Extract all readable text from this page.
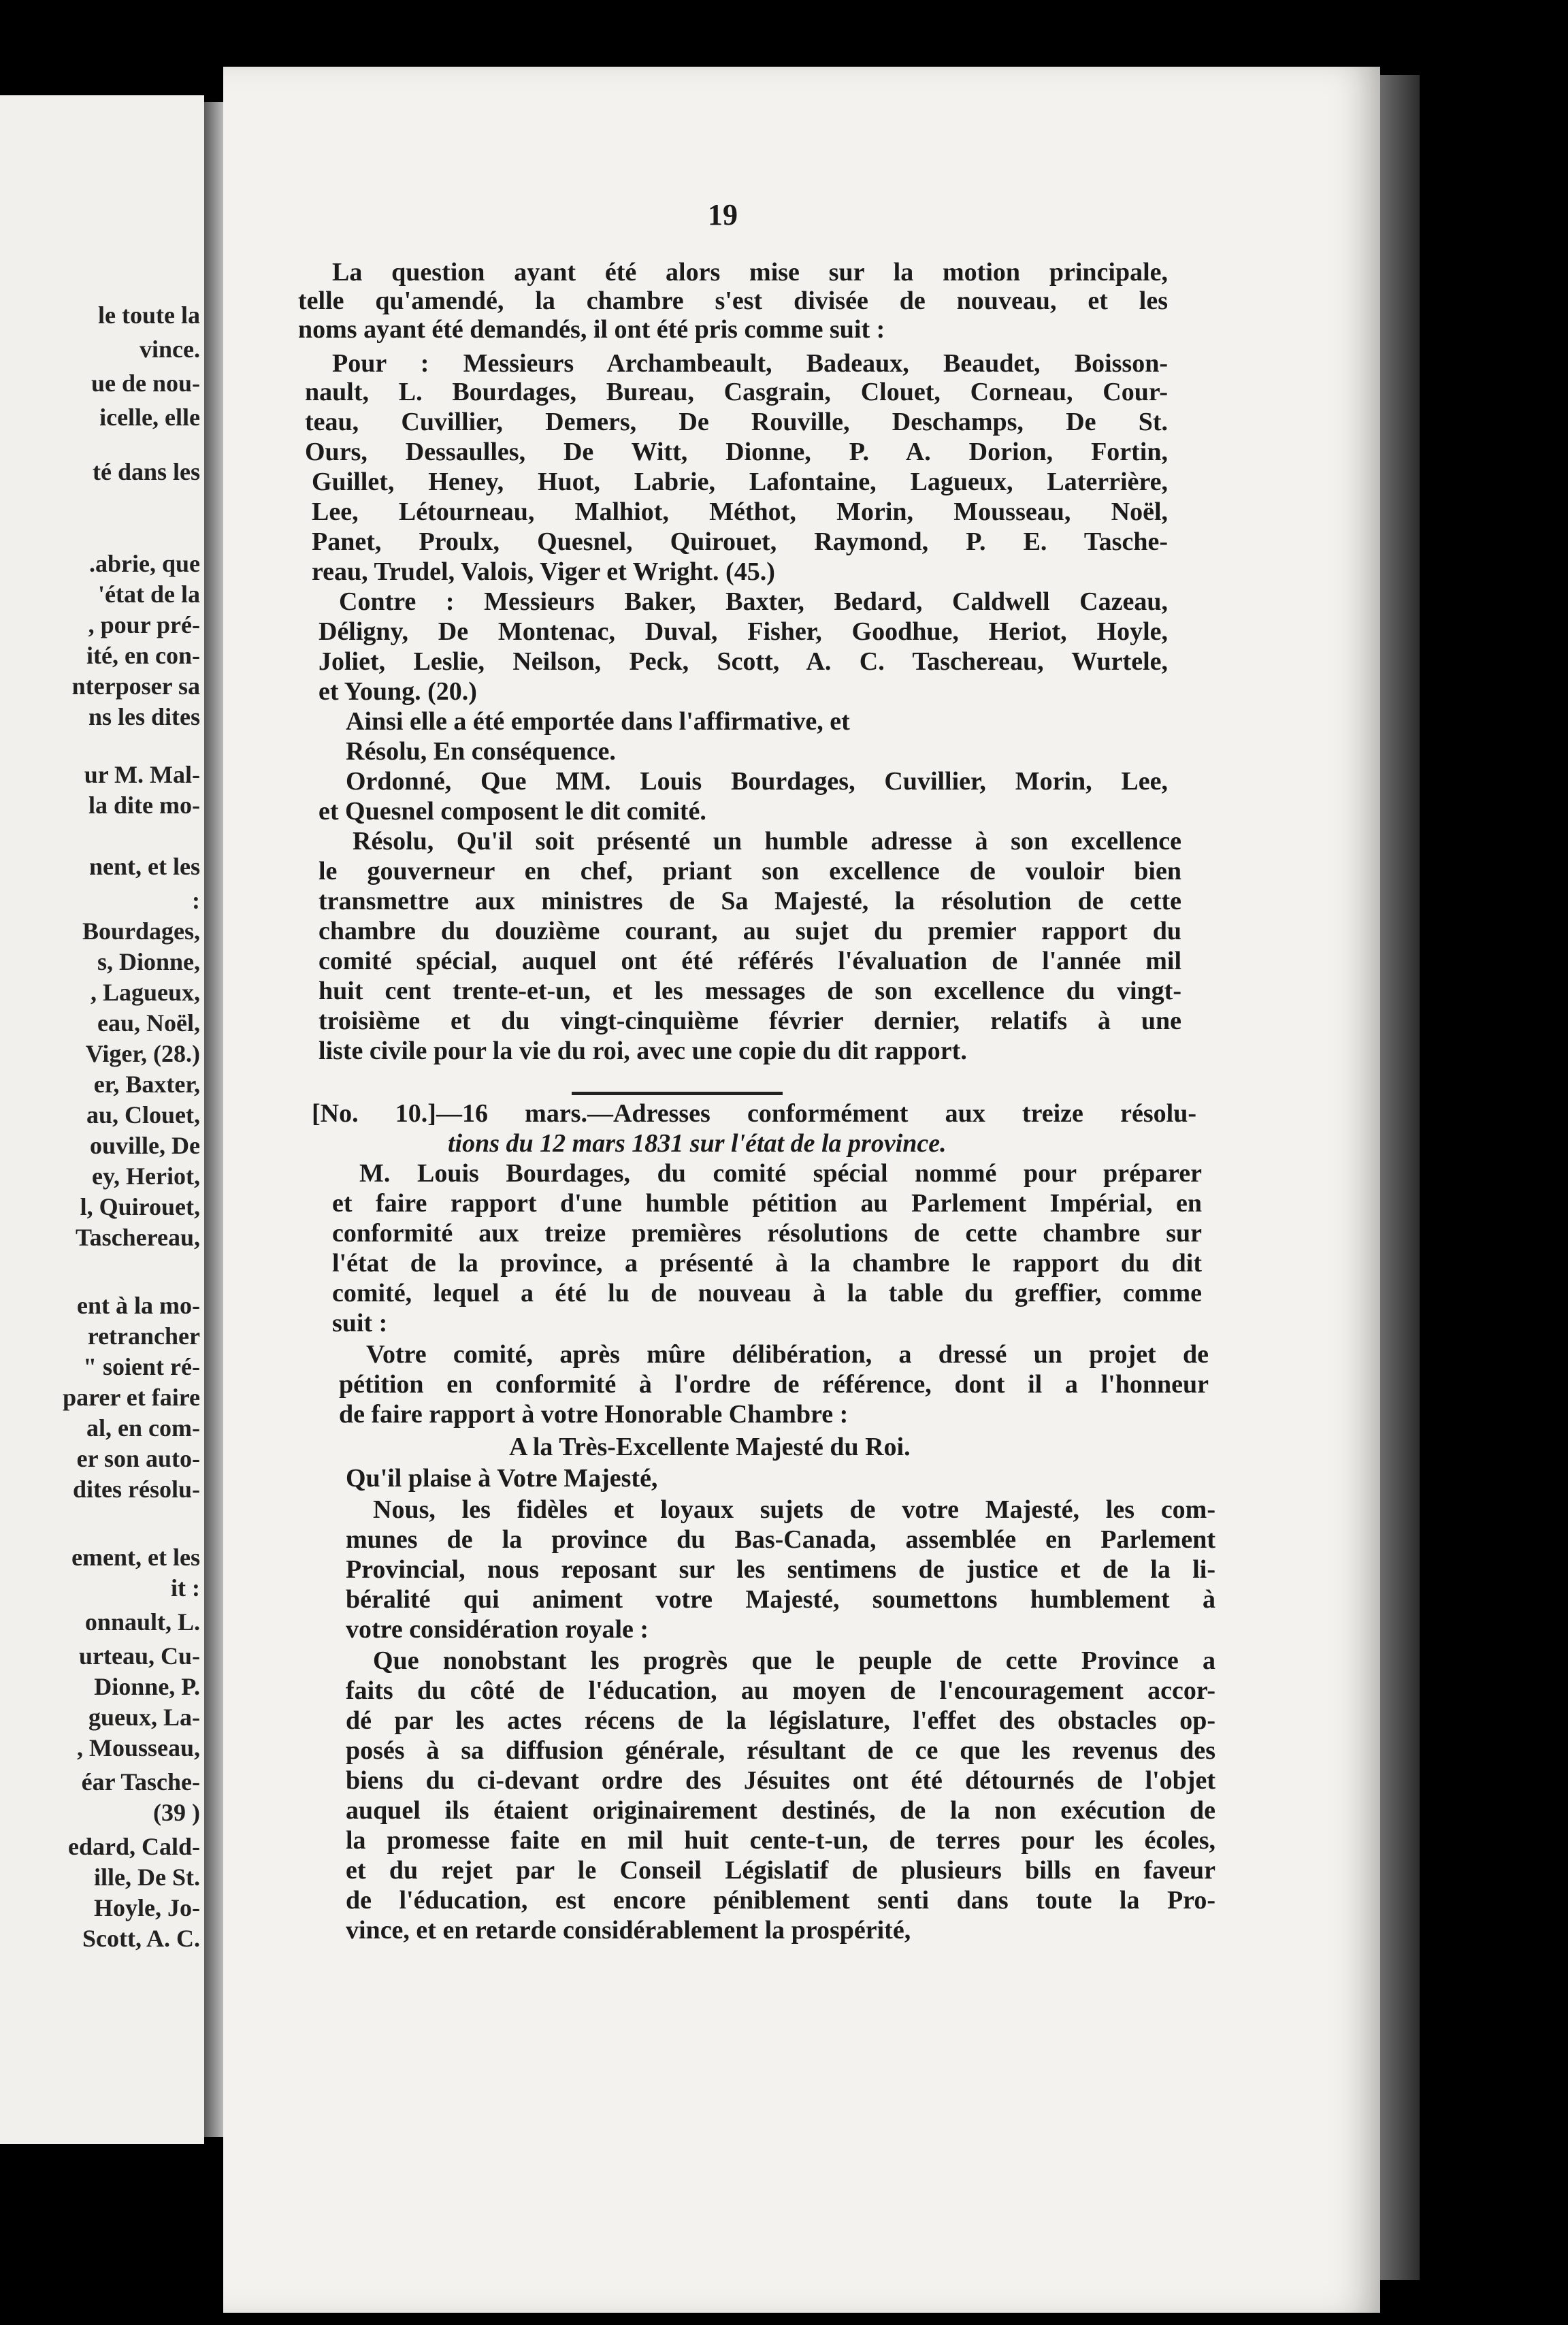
le toute la
vince.
ue de nou-
icelle, elle
té dans les
.abrie, que
'état de la
, pour pré-
ité, en con-
nterposer sa
ns les dites
ur M. Mal-
la dite mo-
nent, et les
:
Bourdages,
s, Dionne,
, Lagueux,
eau, Noël,
Viger, (28.)
er, Baxter,
au, Clouet,
ouville, De
ey, Heriot,
l, Quirouet,
Taschereau,
ent à la mo-
retrancher
" soient ré-
parer et faire
al, en com-
er son auto-
dites résolu-
ement, et les
it :
onnault, L.
urteau, Cu-
Dionne, P.
gueux, La-
, Mousseau,
éar Tasche-
(39 )
edard, Cald-
ille, De St.
Hoyle, Jo-
Scott, A. C.
19
La question ayant été alors mise sur la motion principale,
telle qu'amendé, la chambre s'est divisée de nouveau, et les
noms ayant été demandés, il ont été pris comme suit :
Pour : Messieurs Archambeault, Badeaux, Beaudet, Boisson-
nault, L. Bourdages, Bureau, Casgrain, Clouet, Corneau, Cour-
teau, Cuvillier, Demers, De Rouville, Deschamps, De St.
Ours, Dessaulles, De Witt, Dionne, P. A. Dorion, Fortin,
Guillet, Heney, Huot, Labrie, Lafontaine, Lagueux, Laterrière,
Lee, Létourneau, Malhiot, Méthot, Morin, Mousseau, Noël,
Panet, Proulx, Quesnel, Quirouet, Raymond, P. E. Tasche-
reau, Trudel, Valois, Viger et Wright. (45.)
Contre : Messieurs Baker, Baxter, Bedard, Caldwell Cazeau,
Déligny, De Montenac, Duval, Fisher, Goodhue, Heriot, Hoyle,
Joliet, Leslie, Neilson, Peck, Scott, A. C. Taschereau, Wurtele,
et Young. (20.)
Ainsi elle a été emportée dans l'affirmative, et
Résolu, En conséquence.
Ordonné, Que MM. Louis Bourdages, Cuvillier, Morin, Lee,
et Quesnel composent le dit comité.
Résolu, Qu'il soit présenté un humble adresse à son excellence
le gouverneur en chef, priant son excellence de vouloir bien
transmettre aux ministres de Sa Majesté, la résolution de cette
chambre du douzième courant, au sujet du premier rapport du
comité spécial, auquel ont été référés l'évaluation de l'année mil
huit cent trente-et-un, et les messages de son excellence du vingt-
troisième et du vingt-cinquième février dernier, relatifs à une
liste civile pour la vie du roi, avec une copie du dit rapport.
[No. 10.]—16 mars.—Adresses conformément aux treize résolu-
tions du 12 mars 1831 sur l'état de la province.
M. Louis Bourdages, du comité spécial nommé pour préparer
et faire rapport d'une humble pétition au Parlement Impérial, en
conformité aux treize premières résolutions de cette chambre sur
l'état de la province, a présenté à la chambre le rapport du dit
comité, lequel a été lu de nouveau à la table du greffier, comme
suit :
Votre comité, après mûre délibération, a dressé un projet de
pétition en conformité à l'ordre de référence, dont il a l'honneur
de faire rapport à votre Honorable Chambre :
A la Très-Excellente Majesté du Roi.
Qu'il plaise à Votre Majesté,
Nous, les fidèles et loyaux sujets de votre Majesté, les com-
munes de la province du Bas-Canada, assemblée en Parlement
Provincial, nous reposant sur les sentimens de justice et de la li-
béralité qui animent votre Majesté, soumettons humblement à
votre considération royale :
Que nonobstant les progrès que le peuple de cette Province a
faits du côté de l'éducation, au moyen de l'encouragement accor-
dé par les actes récens de la législature, l'effet des obstacles op-
posés à sa diffusion générale, résultant de ce que les revenus des
biens du ci-devant ordre des Jésuites ont été détournés de l'objet
auquel ils étaient originairement destinés, de la non exécution de
la promesse faite en mil huit cente-t-un, de terres pour les écoles,
et du rejet par le Conseil Législatif de plusieurs bills en faveur
de l'éducation, est encore péniblement senti dans toute la Pro-
vince, et en retarde considérablement la prospérité,
